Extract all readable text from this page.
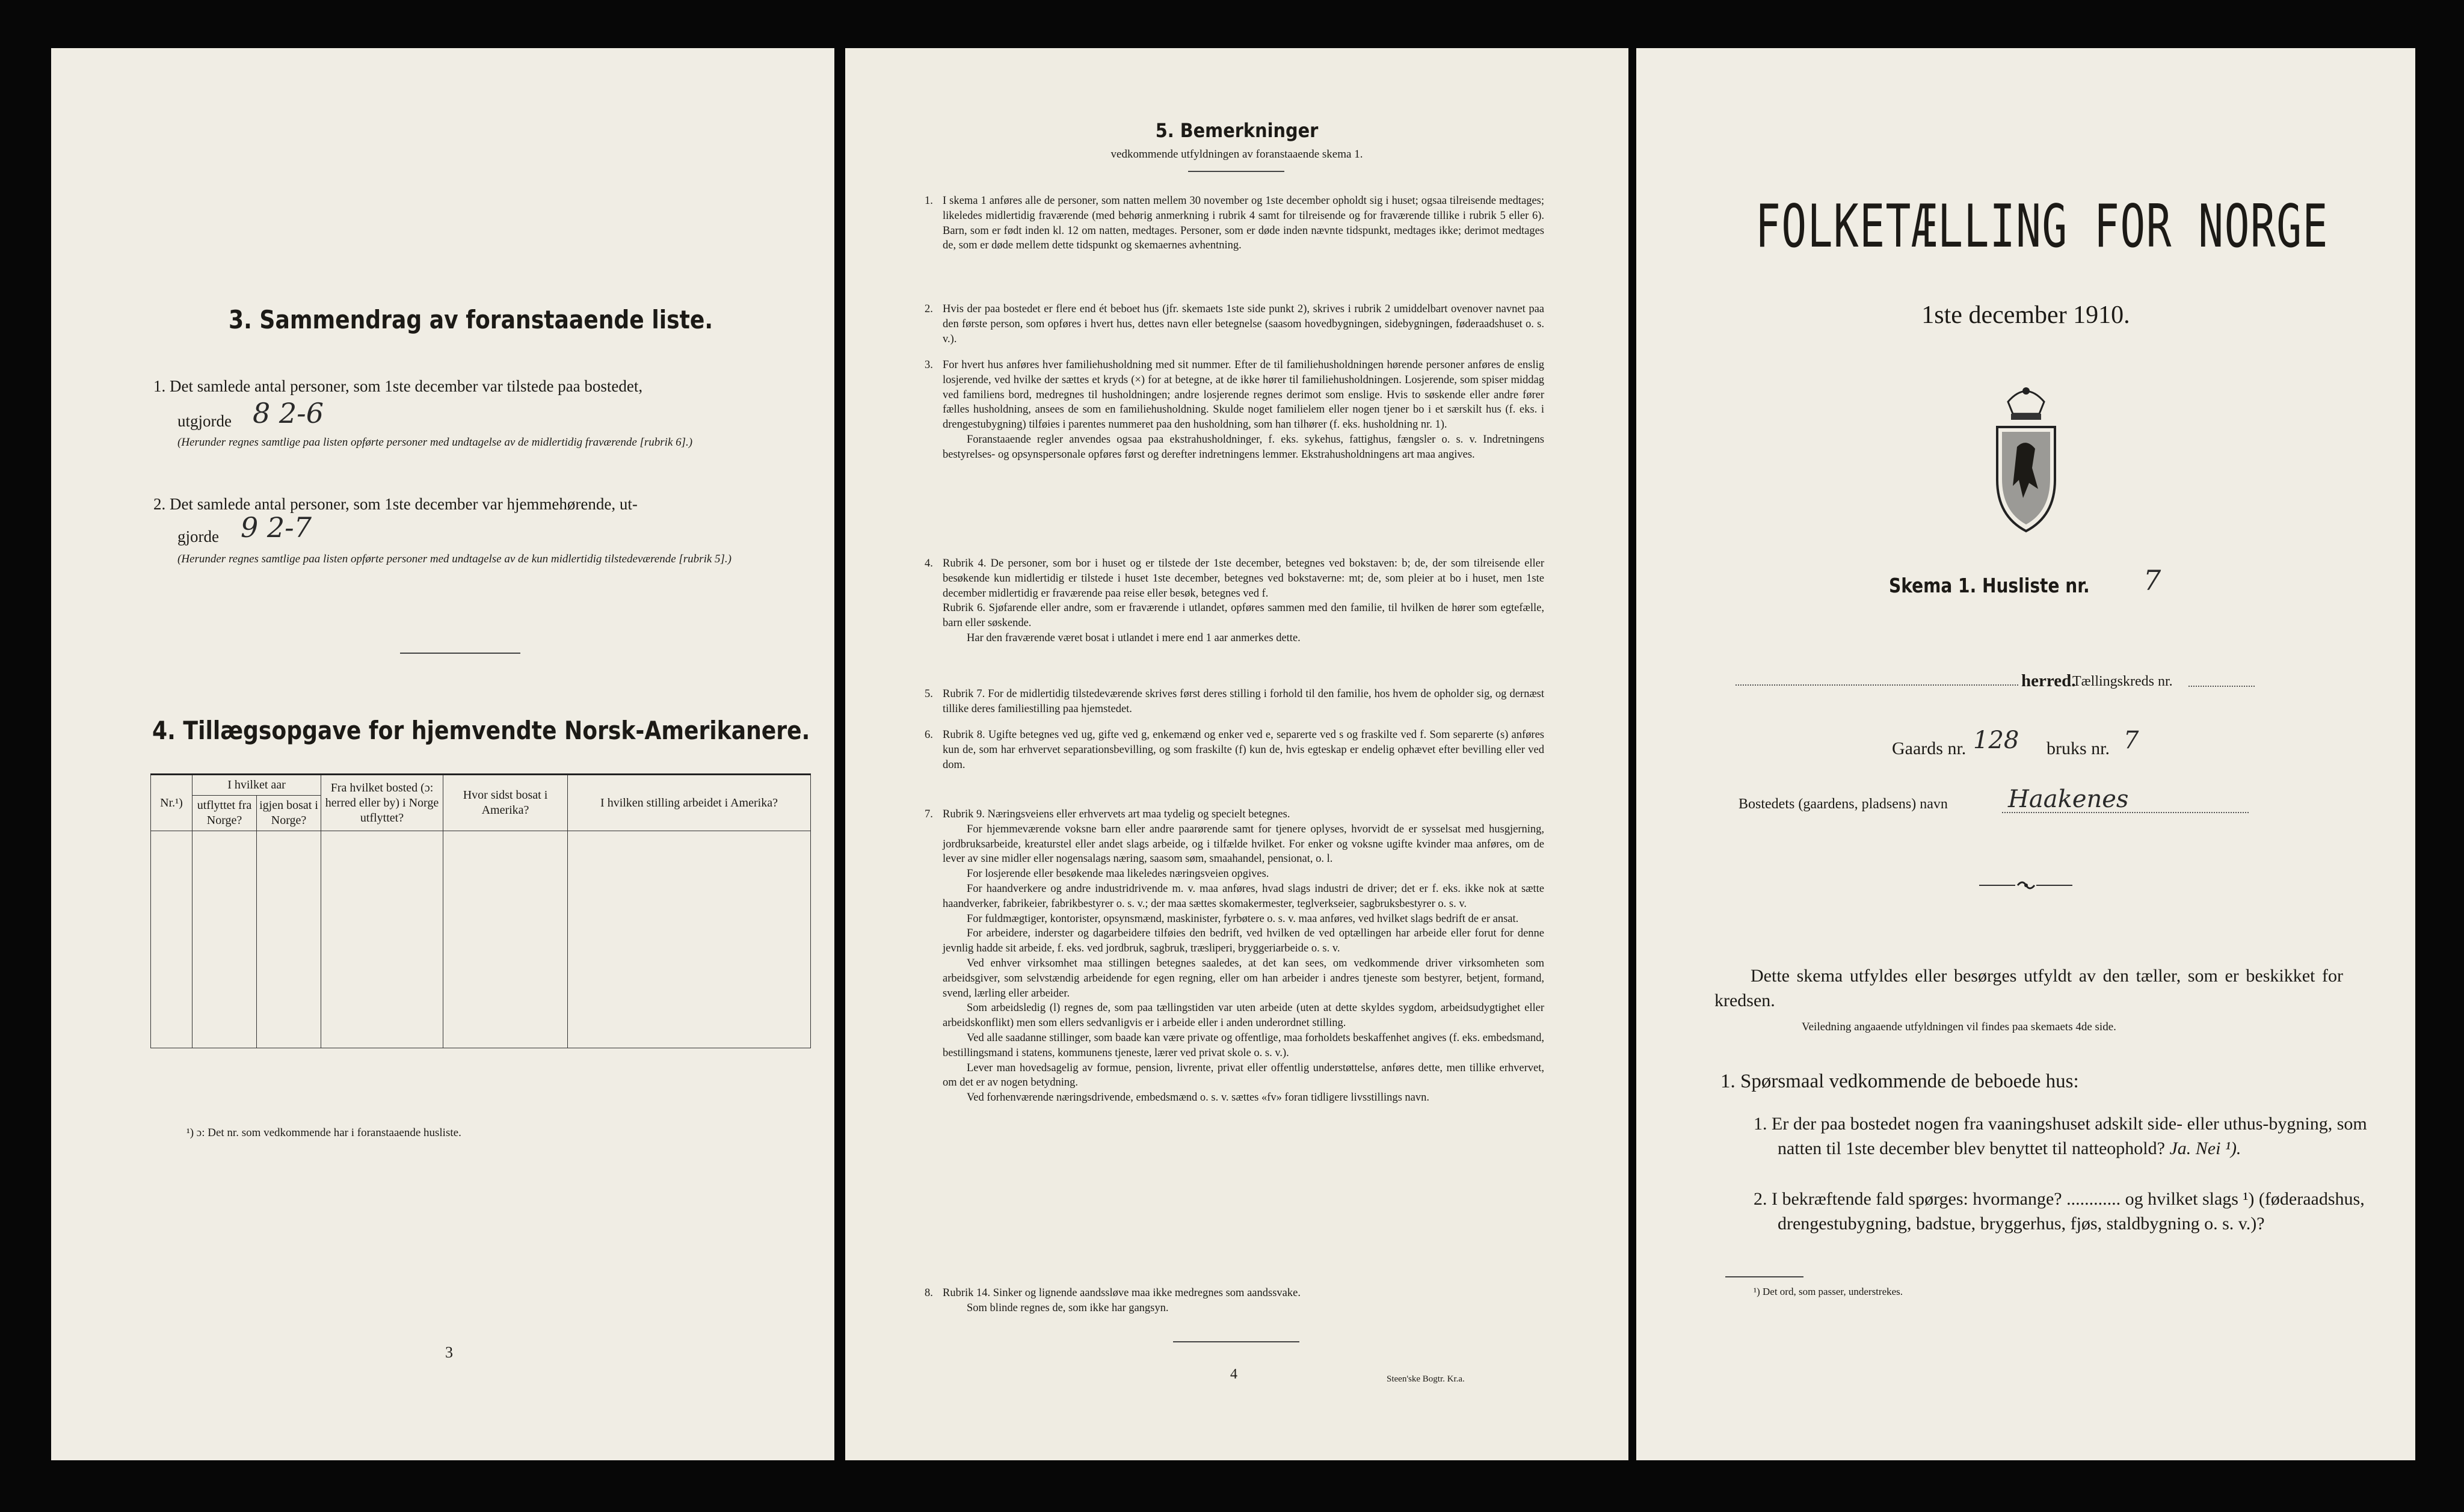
3. Sammendrag av foranstaaende liste.
1. Det samlede antal personer, som 1ste december var tilstede paa bostedet,
utgjorde 8 2-6
(Herunder regnes samtlige paa listen opførte personer med undtagelse av de midlertidig fraværende [rubrik 6].)
2. Det samlede antal personer, som 1ste december var hjemmehørende, ut-
gjorde 9 2-7
(Herunder regnes samtlige paa listen opførte personer med undtagelse av de kun midlertidig tilstedeværende [rubrik 5].)
4. Tillægsopgave for hjemvendte Norsk-Amerikanere.
Nr.¹)	I hvilket aar		Fra hvilket bosted (ɔ: herred eller by) i Norge utflyttet?	Hvor sidst bosat i Amerika?	I hvilken stilling arbeidet i Amerika?
	utflyttet fra Norge?	igjen bosat i Norge?			

¹) ɔ: Det nr. som vedkommende har i foranstaaende husliste.
3
5. Bemerkninger
vedkommende utfyldningen av foranstaaende skema 1.
1. I skema 1 anføres alle de personer, som natten mellem 30 november og 1ste december opholdt sig i huset; ogsaa tilreisende medtages; likeledes midlertidig fraværende (med behørig anmerkning i rubrik 4 samt for tilreisende og for fraværende tillike i rubrik 5 eller 6). Barn, som er født inden kl. 12 om natten, medtages. Personer, som er døde inden nævnte tidspunkt, medtages ikke; derimot medtages de, som er døde mellem dette tidspunkt og skemaernes avhentning.
2. Hvis der paa bostedet er flere end ét beboet hus (jfr. skemaets 1ste side punkt 2), skrives i rubrik 2 umiddelbart ovenover navnet paa den første person, som opføres i hvert hus, dettes navn eller betegnelse (saasom hovedbygningen, sidebygningen, føderaadshuset o. s. v.).
3. For hvert hus anføres hver familiehusholdning med sit nummer. Efter de til familiehusholdningen hørende personer anføres de enslig losjerende, ved hvilke der sættes et kryds (×) for at betegne, at de ikke hører til familiehusholdningen. Losjerende, som spiser middag ved familiens bord, medregnes til husholdningen; andre losjerende regnes derimot som enslige. Hvis to søskende eller andre fører fælles husholdning, ansees de som en familiehusholdning. Skulde noget familielem eller nogen tjener bo i et særskilt hus (f. eks. i drengestubygning) tilføies i parentes nummeret paa den husholdning, som han tilhører (f. eks. husholdning nr. 1).
Foranstaaende regler anvendes ogsaa paa ekstrahusholdninger, f. eks. sykehus, fattighus, fængsler o. s. v. Indretningens bestyrelses- og opsynspersonale opføres først og derefter indretningens lemmer. Ekstrahusholdningens art maa angives.
4. Rubrik 4. De personer, som bor i huset og er tilstede der 1ste december, betegnes ved bokstaven: b; de, der som tilreisende eller besøkende kun midlertidig er tilstede i huset 1ste december, betegnes ved bokstaverne: mt; de, som pleier at bo i huset, men 1ste december midlertidig er fraværende paa reise eller besøk, betegnes ved f.
Rubrik 6. Sjøfarende eller andre, som er fraværende i utlandet, opføres sammen med den familie, til hvilken de hører som egtefælle, barn eller søskende.
Har den fraværende været bosat i utlandet i mere end 1 aar anmerkes dette.
5. Rubrik 7. For de midlertidig tilstedeværende skrives først deres stilling i forhold til den familie, hos hvem de opholder sig, og dernæst tillike deres familiestilling paa hjemstedet.
6. Rubrik 8. Ugifte betegnes ved ug, gifte ved g, enkemænd og enker ved e, separerte ved s og fraskilte ved f. Som separerte (s) anføres kun de, som har erhvervet separationsbevilling, og som fraskilte (f) kun de, hvis egteskap er endelig ophævet efter bevilling eller ved dom.
7. Rubrik 9. Næringsveiens eller erhvervets art maa tydelig og specielt betegnes.
For hjemmeværende voksne barn eller andre paarørende samt for tjenere oplyses, hvorvidt de er sysselsat med husgjerning, jordbruksarbeide, kreaturstel eller andet slags arbeide, og i tilfælde hvilket. For enker og voksne ugifte kvinder maa anføres, om de lever av sine midler eller nogensalags næring, saasom søm, smaahandel, pensionat, o. l.
For losjerende eller besøkende maa likeledes næringsveien opgives.
For haandverkere og andre industridrivende m. v. maa anføres, hvad slags industri de driver; det er f. eks. ikke nok at sætte haandverker, fabrikeier, fabrikbestyrer o. s. v.; der maa sættes skomakermester, teglverkseier, sagbruksbestyrer o. s. v.
For fuldmægtiger, kontorister, opsynsmænd, maskinister, fyrbøtere o. s. v. maa anføres, ved hvilket slags bedrift de er ansat.
For arbeidere, inderster og dagarbeidere tilføies den bedrift, ved hvilken de ved optællingen har arbeide eller forut for denne jevnlig hadde sit arbeide, f. eks. ved jordbruk, sagbruk, træsliperi, bryggeriarbeide o. s. v.
Ved enhver virksomhet maa stillingen betegnes saaledes, at det kan sees, om vedkommende driver virksomheten som arbeidsgiver, som selvstændig arbeidende for egen regning, eller om han arbeider i andres tjeneste som bestyrer, betjent, formand, svend, lærling eller arbeider.
Som arbeidsledig (l) regnes de, som paa tællingstiden var uten arbeide (uten at dette skyldes sygdom, arbeidsudygtighet eller arbeidskonflikt) men som ellers sedvanligvis er i arbeide eller i anden underordnet stilling.
Ved alle saadanne stillinger, som baade kan være private og offentlige, maa forholdets beskaffenhet angives (f. eks. embedsmand, bestillingsmand i statens, kommunens tjeneste, lærer ved privat skole o. s. v.).
Lever man hovedsagelig av formue, pension, livrente, privat eller offentlig understøttelse, anføres dette, men tillike erhvervet, om det er av nogen betydning.
Ved forhenværende næringsdrivende, embedsmænd o. s. v. sættes «fv» foran tidligere livsstillings navn.
8. Rubrik 14. Sinker og lignende aandssløve maa ikke medregnes som aandssvake.
Som blinde regnes de, som ikke har gangsyn.
4	Steen'ske Bogtr. Kr.a.
FOLKETÆLLING FOR NORGE
1ste december 1910.
Skema 1. Husliste nr. 7
herred.
Tællingskreds nr.
Gaards nr. 128 bruks nr. 7
Bostedets (gaardens, pladsens) navn	Haakenes
Dette skema utfyldes eller besørges utfyldt av den tæller, som er beskikket for kredsen.
Veiledning angaaende utfyldningen vil findes paa skemaets 4de side.
1. Spørsmaal vedkommende de beboede hus:
1. Er der paa bostedet nogen fra vaaningshuset adskilt side- eller uthus-bygning, som natten til 1ste december blev benyttet til natteophold? Ja. Nei ¹).
2. I bekræftende fald spørges: hvormange? ............ og hvilket slags ¹) (føderaadshus, drengestubygning, badstue, bryggerhus, fjøs, staldbygning o. s. v.)?
¹) Det ord, som passer, understrekes.
